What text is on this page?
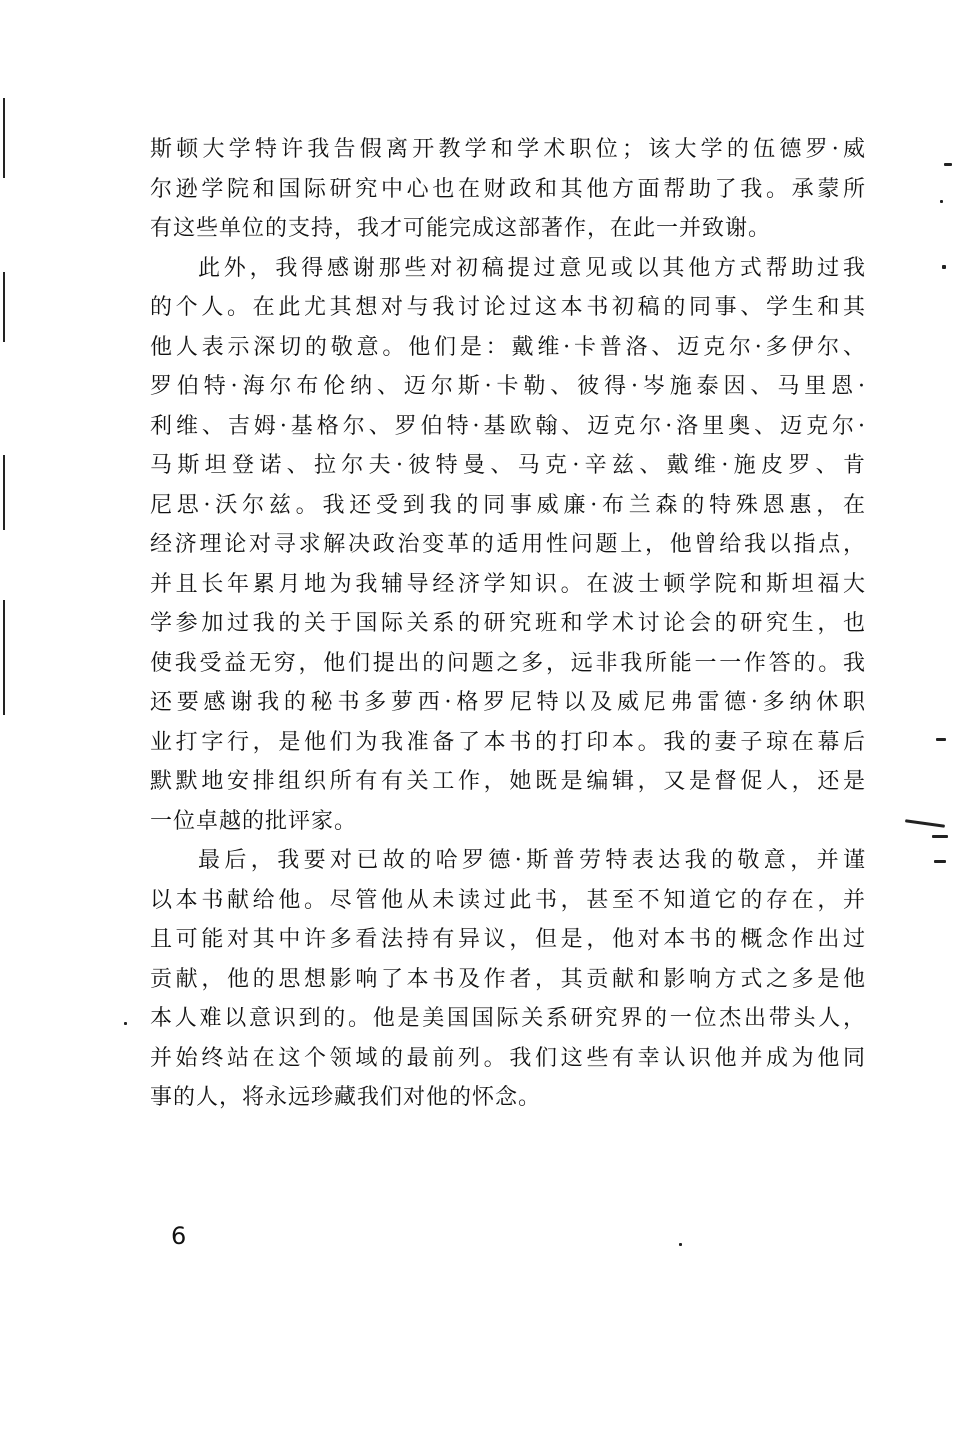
斯顿大学特许我告假离开教学和学术职位；该大学的伍德罗·威
尔逊学院和国际研究中心也在财政和其他方面帮助了我。承蒙所
有这些单位的支持，我才可能完成这部著作，在此一并致谢。
此外，我得感谢那些对初稿提过意见或以其他方式帮助过我
的个人。在此尤其想对与我讨论过这本书初稿的同事、学生和其
他人表示深切的敬意。他们是：戴维·卡普洛、迈克尔·多伊尔、
罗伯特·海尔布伦纳、迈尔斯·卡勒、彼得·岑施泰因、马里恩·
利维、吉姆·基格尔、罗伯特·基欧翰、迈克尔·洛里奥、迈克尔·
马斯坦登诺、拉尔夫·彼特曼、马克·辛兹、戴维·施皮罗、肯
尼思·沃尔兹。我还受到我的同事威廉·布兰森的特殊恩惠，在
经济理论对寻求解决政治变革的适用性问题上，他曾给我以指点，
并且长年累月地为我辅导经济学知识。在波士顿学院和斯坦福大
学参加过我的关于国际关系的研究班和学术讨论会的研究生，也
使我受益无穷，他们提出的问题之多，远非我所能一一作答的。我
还要感谢我的秘书多萝西·格罗尼特以及威尼弗雷德·多纳休职
业打字行，是他们为我准备了本书的打印本。我的妻子琼在幕后
默默地安排组织所有有关工作，她既是编辑，又是督促人，还是
一位卓越的批评家。
最后，我要对已故的哈罗德·斯普劳特表达我的敬意，并谨
以本书献给他。尽管他从未读过此书，甚至不知道它的存在，并
且可能对其中许多看法持有异议，但是，他对本书的概念作出过
贡献，他的思想影响了本书及作者，其贡献和影响方式之多是他
本人难以意识到的。他是美国国际关系研究界的一位杰出带头人，
并始终站在这个领域的最前列。我们这些有幸认识他并成为他同
事的人，将永远珍藏我们对他的怀念。
6
